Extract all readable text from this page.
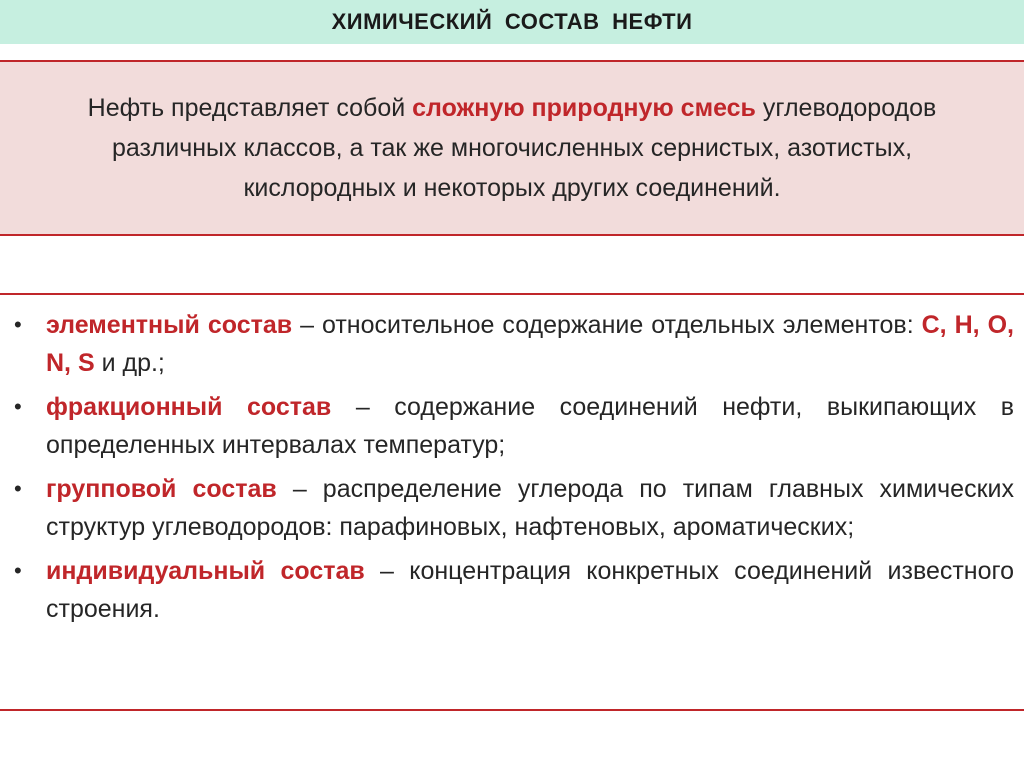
ХИМИЧЕСКИЙ СОСТАВ НЕФТИ
Нефть представляет собой сложную природную смесь углеводородов различных классов, а так же многочисленных сернистых, азотистых, кислородных и некоторых других соединений.
• элементный состав – относительное содержание отдельных элементов: C, H, O, N, S и др.;
• фракционный состав – содержание соединений нефти, выкипающих в определенных интервалах температур;
• групповой состав – распределение углерода по типам главных химических структур углеводородов: парафиновых, нафтеновых, ароматических;
• индивидуальный состав – концентрация конкретных соединений известного строения.
